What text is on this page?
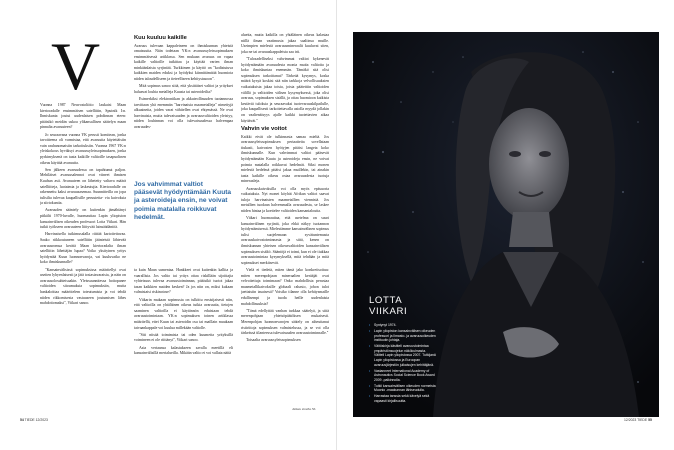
V

Vuonna 1987 Neuvostoliitto laukaisi Maan kiertoradalle ensimmäisen satelliitin, Sputnik I:n. Ihmiskunta joutui uudenlaisen pohdinnan eteen: pitäisikö meidän uskoa ylikansallisen säätelyn maan pinnalta avaruuteen?

Jo seuraavana vuonna YK perusti komitean, jonka tavoitteena oli varmistaa, että avaruutta käytettäisiin vain rauhanomaisiin tarkoituksiin. Vuonna 1967 YK:n yleiskokous hyväksyi avaruussyleissopimuksen, jonka pyrkimyksenä on taata kaikille valtioille tasapuolinen oikeus käyttää avaruutta.

Sen jälkeen avaruudessa on tapahtunut paljon. Mehiläiset avaruusalennot ovat viineet ihmisen Kuuhun asti. Avaruuteen on lähetetty valtava määrä satelliitteja, luotaimia ja laskeutujia. Kiertoradalle on rakennettu kaksi avaruusasemaa. Suunnitteilla on jopa tulisilta tulevaa kaupallisille peruutetta- via kaivoksia ja siirtokuntia.

Avaruuden sääntely on kuitenkin jämähtänyt pitkälti 1970-luvulle, huomauttaa Lapin yliopiston kansainvälisen oikeuden professori Lotta Viikari. Hän tutkii työkseen avaruuteen liittyvää lainsäädäntöä.

Harvinaisella tutkimusalalla riittää kartoitettavaa. Saako riikkoutuneen satelliitin jäänteistä lähtevää avaruusromua kerätä Maan kiertoradalta ilman satelliitin lähettäjän lupaa? Voiko yksityinen yritys hyödyntää Kuun luonnonvaroja, vai kuuluvatko ne koko ihmiskunnalle?

"Kansainvälisissä sopimuksissa määritellyt ovat useiten lyhyenlaisesti ja jätä tosiasiavaraisia, ja näin on avaruusolosuhteisaakin. Yleissuunnitessa hoitopanee valtioiden sitoumuksia sopimuksiin, mutta hankaloittaa määrittelem toteutumista ja voi tehdä niiden rikkomisesta vastuuseen joutumisen lähes mahdottomaksi", Viikari sanoo.

Kuu kuuluu kaikille

Avaruus tulevaan kappaleineen on ihmiskunnan yhteistä omaisuutta. Näin todetaan YK:n avaruussyleissopimuksen ensimmäisessä artiklassa. Sen mukaan avaruus on vapaa kaikille valtioille tutkittaa ja käyttää varten ilman minkäänlaista syrjintää. Turkkimen ja käyttö on "kodistutuva kaikkien maiden eduksi ja hyödyksi kiinnittämättä huomiota niiden taloudelliseen ja tieteelliseen kehitystasoon".

Mitä sopimus sanoo siitä, että yksittäiset valtiot ja yritykset haluavat louhia metalleja Kuusta tai asteroideilta?

Esimerkiksi elektroniikan ja akkuteollisuuden tuotannossa tarvittaan yhä enemmän "harvinaisia maametalleja" nimettyjä alkuaineita, joiden varat vähitellen ovat ehtymässä. Ne ovat harvinaisia, mutta tulevaisuuden ja avaruusvaltioiden yleistyy, niiden louhinnan voi olla tulevaisuudessa halvempaa avaruudes-

Jos vahvimmat valtiot pääsevät hyödyntämään Kuuta ja asteroideja ensin, ne voivat poimia matalalla roikkuvat hedelmät.

ta kuin Maan sumentaa. Hankkeet ovat kuitenkin kallita ja vaarallisia. Jos valtio tai yritys ottaa riskillään sijoittajia vyhteisuus tulevaa avaruustoiminnan, pitäisikö tuotot jakaa tasan kaikkien maiden kesken? Ja jos niin on, miksi kukaan valmistaisi riskinotose?

Viikarin mukaan sopimusta on tulkittu ensisijaisesti niin, että valtioilla on yhtäläinen oikeus tutkia avaruutta, tietojen saaminen valtioilla ei käytännön eduistaan tehdä avaruustoimintaan. YK:n sopimuksen toinen artiklassa määritellä, ettei Kuun tai asteroidin osa tai maillain muukaan taivaankappale voi kuulua millekään valtiolle.

"Siti nitsää toimimista tai oden kuumetta yrityksillä voimineen ei ole riittänyt", Viikari sanoo.

Asia vertaansa kalastukseen savalla meetillä eli kansainvälisillä merialueilla. Mikään valtio ei voi vallata näitä

alueita, mutta kaikilla on yhtäläinen oikeus kalastaa niillä ilman vaatimusta jakaa saaliinsa muille. Useimpien mielestä avaruusmineraalit kuuluvat siten, joka ne tai avaruuskappaleista saa irti.

"Tulosadelliseksi vahvimmat valtiot kykenevät hyödyntämään avaruudesta monia muita valtioita ja koko ihmiskuntaa enemmän. Tämäkö sitä olisi sopimuksen tarkoittanut? Tärkeää kysymys, koska määrä kysyä koskisi sitä niin tarkkoja velvollisuuksien vaikutuksista jakaa toisia, joista päätettiin valtioiden välillä ja valtioiden välisen kysymyksessä, joka olisi avaruus, sopimuksen sisällä, ja ottaa huomioon kaikista kestäviä tuloksia ja seuraavaksi tuotevaruuskilpailulle, joka kaupallisesti tarkoitettavalla asiolla myydä jollakin on vaalienäisyys ajalle kaikki tuotettavien aikaa käyttävät."

Vahvin vie voitot

Kaikki eivät ole tulkinnasta samaa mieltä. Jos avaruussyleissopimuksen periaatteita sovellataan tiukasti, kaivosten hyötyjen pitäisi langeta koko ihmiskunnalle. Kun vahvimmat valtiot pääsevät hyödyntämään Kuuta ja asteroideja ensin, ne voivat poimia matalalla roikkuvat hedelmät. Siksi monen mielestä hedelmä pitäisi jakaa muillekin, tai ainakin taata kaikille oikeus ostaa avaruusdesta tuotuja mineraaleja.

Avaruuskaivoksilla voi olla myös epäsuoria vaikutuksia. Nyt monet köyhät Afrikan valtiot saavat tuloja harvinaisten maametallien viennistä. Jos metallien tuodaan halvemmalla avaruudesta, se laskee niiden hintaa ja koettelee valtioiden kansantaloutta.

Viikari huomauttaa, että asetelma on suuri kansainvälinen syrjintä, joka ehkä näkyy tuotannon hyödyntämisessä. Mielestämme kansainvälinen sopimus tulisi suojelemaan syvätuntemusta avaruuskaivostoiminnasta ja siitä, kenen on ihmiskunnan yhteisen oikeusvaltioiden kansainvälisen sopimuksen sisältö. Sääntöjä ei toimi, kun ei ole tiukkaa avaruustoimintaa kysymyksellä, mitä tehdään ja mitä sopimukset merkitsevät.

Vielä ei tiedetä, miten tämä jako konkretisoituu: miten merenpohjaan mineraalien kerääjät ovat velvoitettuja toimimaan? Onko mahdollista perustaa maametallikaivoksille globaali rahasto, johon tulot jaettaisiin tasaisesti? Voisiko tilanne olla kehitysmaille edullisempi ja tuoda heille uudenlaisia mahdollisuuksia?

"Tämä edellyttää vanhan tarkkaa säätelyä, ja siitä merenpohjaan yhteisöpäätöksen mukaisesti. Merenpohjan luonnonvarojen säätely on aiheuttanut ristiriitoja sopimuksen valmistelussa, ja se voi olla tärkeässä tilanteessa tulevaisuuden avaruustoiminnalle."

Toisaalta avaruussyleissopimuksen

Jatkuu sivulla 56.
54 TIEDE 12/2023
LOTTA VIIKARI
• Syntynyt 1974.
• Lapin yliopiston kansainvälisen oikeuden professori ja Ilmasto- ja avaruusoikeuden instituutin johtaja.
• Väitöskirja käsitteli avaruustoimintaa ympäristönsuojelun näkökulmasta. Väitteli Lapin yliopistossa 2007. Tutkijanä Lapin yliopistossa ja Euroopan avaruusjärjestön julkaisujen kehittäjänä.
• Vastanneet International Academy of Astronautics Social Science Book Award 2009 -palkinnolla.
• Tutkii kansainvälisen oikeuden normeista Muonio -maakunnan lähiseudulla.
• Harrastaa tanssia sekä kävelyä sekä vapaasti kirjallisuutta.
12/2023 TIEDE 55
